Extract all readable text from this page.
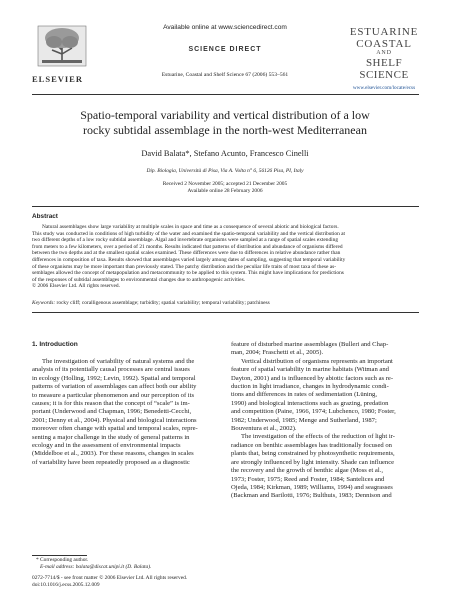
ELSEVIER
Available online at www.sciencedirect.com
SCIENCE DIRECT
Estuarine, Coastal and Shelf Science 67 (2006) 553–561
ESTUARINE
COASTAL
AND
SHELF SCIENCE
www.elsevier.com/locate/ecss
Spatio-temporal variability and vertical distribution of a low
rocky subtidal assemblage in the north-west Mediterranean
David Balata*, Stefano Acunto, Francesco Cinelli
Dip. Biologia, Università di Pisa, Via A. Volta n° 6, 56126 Pisa, PI, Italy
Received 2 November 2005; accepted 21 December 2005
Available online 28 February 2006
Abstract
Natural assemblages show large variability at multiple scales in space and time as a consequence of several abiotic and biological factors.
This study was conducted in conditions of high turbidity of the water and examined the spatio-temporal variability and the vertical distribution at
two different depths of a low rocky subtidal assemblage. Algal and invertebrate organisms were sampled at a range of spatial scales extending
from meters to a few kilometers, over a period of 21 months. Results indicated that patterns of distribution and abundance of organisms differed
between the two depths and at the smallest spatial scales examined. These differences were due to differences in relative abundance rather than
differences in composition of taxa. Results showed that assemblages varied largely among dates of sampling, suggesting that temporal variability
of these organisms may be more important than previously stated. The patchy distribution and the peculiar life traits of most taxa of these as-
semblages allowed the concept of metapopulation and metacommunity to be applied to this system. This might have implications for predictions
of the responses of subtidal assemblages to environmental changes due to anthropogenic activities.
© 2006 Elsevier Ltd. All rights reserved.
Keywords: rocky cliff; coralligenous assemblage; turbidity; spatial variability; temporal variability; patchiness
1. Introduction
The investigation of variability of natural systems and the
analysis of its potentially causal processes are central issues
in ecology (Holling, 1992; Levin, 1992). Spatial and temporal
patterns of variation of assemblages can affect both our ability
to measure a particular phenomenon and our perception of its
causes; it is for this reason that the concept of “scale” is im-
portant (Underwood and Chapman, 1996; Benedetti-Cecchi,
2001; Denny et al., 2004). Physical and biological interactions
moreover often change with spatial and temporal scales, repre-
senting a major challenge in the study of general patterns in
ecology and in the assessment of environmental impacts
(Middelboe et al., 2003). For these reasons, changes in scales
of variability have been repeatedly proposed as a diagnostic
feature of disturbed marine assemblages (Bulleri and Chap-
man, 2004; Fraschetti et al., 2005).
Vertical distribution of organisms represents an important
feature of spatial variability in marine habitats (Witman and
Dayton, 2001) and is influenced by abiotic factors such as re-
duction in light irradiance, changes in hydrodynamic condi-
tions and differences in rates of sedimentation (Lüning,
1990) and biological interactions such as grazing, predation
and competition (Paine, 1966, 1974; Lubchenco, 1980; Foster,
1982; Underwood, 1985; Menge and Sutherland, 1987;
Bouventura et al., 2002).
The investigation of the effects of the reduction of light ir-
radiance on benthic assemblages has traditionally focused on
plants that, being constrained by photosynthetic requirements,
are strongly influenced by light intensity. Shade can influence
the recovery and the growth of benthic algae (Moss et al.,
1973; Foster, 1975; Reed and Foster, 1984; Santelices and
Ojeda, 1984; Kirkman, 1989; Williams, 1994) and seagrasses
(Backman and Barilotti, 1976; Bulthuis, 1983; Dennison and
* Corresponding author.
E-mail address: balata@discat.unipi.it (D. Balata).
0272-7714/$ - see front matter © 2006 Elsevier Ltd. All rights reserved.
doi:10.1016/j.ecss.2005.12.009
